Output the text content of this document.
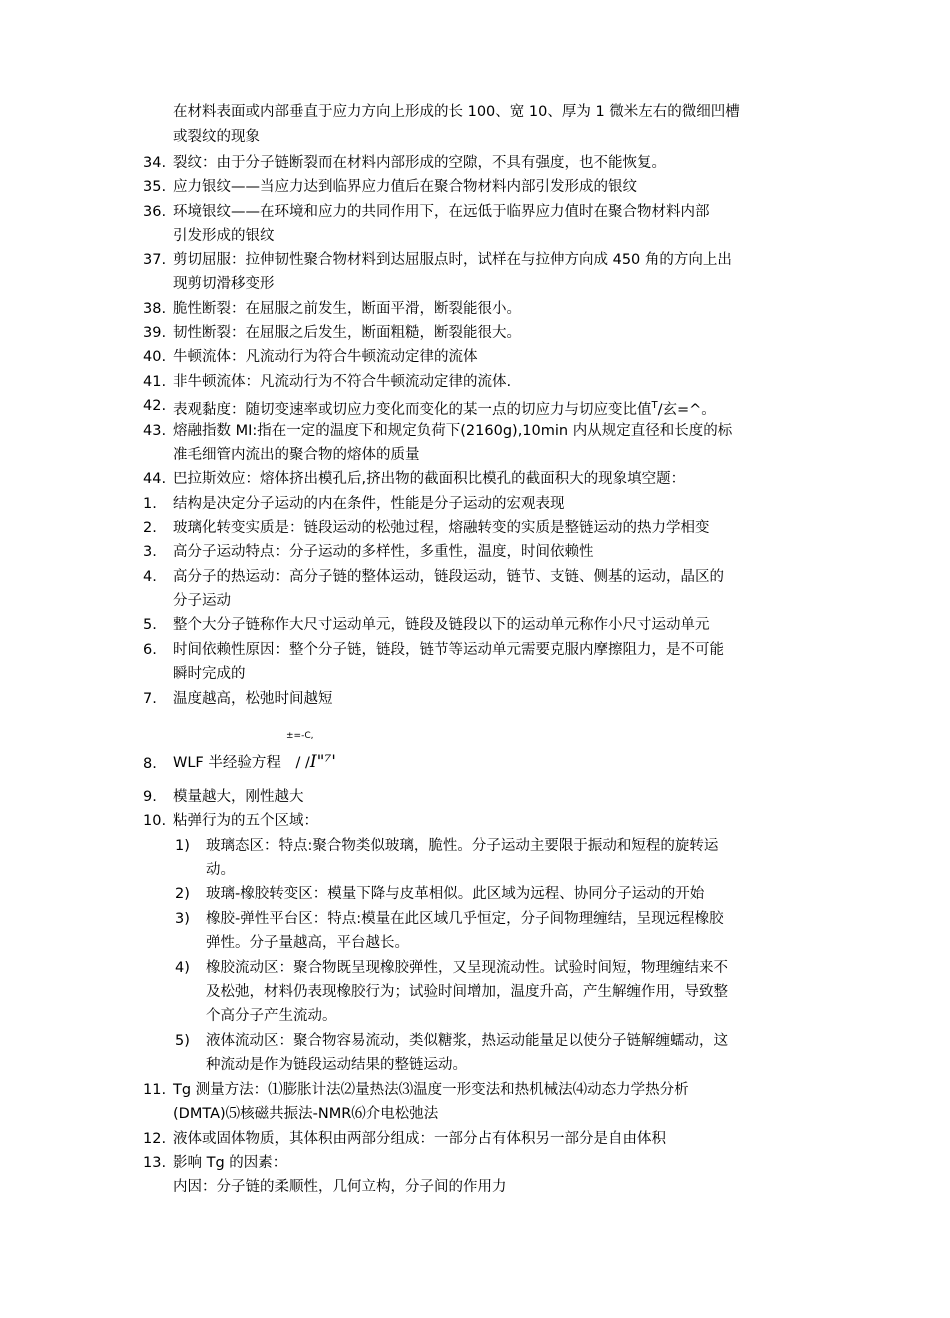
在材料表面或内部垂直于应力方向上形成的长 100、宽 10、厚为 1 微米左右的微细凹槽
或裂纹的现象
34. 裂纹：由于分子链断裂而在材料内部形成的空隙，不具有强度，也不能恢复。
35. 应力银纹——当应力达到临界应力值后在聚合物材料内部引发形成的银纹
36. 环境银纹——在环境和应力的共同作用下，在远低于临界应力值时在聚合物材料内部
引发形成的银纹
37. 剪切屈服：拉伸韧性聚合物材料到达屈服点时，试样在与拉伸方向成 450 角的方向上出
现剪切滑移变形
38. 脆性断裂：在屈服之前发生，断面平滑，断裂能很小。
39. 韧性断裂：在屈服之后发生，断面粗糙，断裂能很大。
40. 牛顿流体：凡流动行为符合牛顿流动定律的流体
41. 非牛顿流体：凡流动行为不符合牛顿流动定律的流体.
42. 表观黏度：随切变速率或切应力变化而变化的某一点的切应力与切应变比值$^T$/玄=^。
43. 熔融指数 MI:指在一定的温度下和规定负荷下(2160g),10min 内从规定直径和长度的标
准毛细管内流出的聚合物的熔体的质量
44. 巴拉斯效应：熔体挤出模孔后,挤出物的截面积比模孔的截面积大的现象填空题：
1. 结构是决定分子运动的内在条件，性能是分子运动的宏观表现
2. 玻璃化转变实质是：链段运动的松弛过程，熔融转变的实质是整链运动的热力学相变
3. 高分子运动特点：分子运动的多样性，多重性，温度，时间依赖性
4. 高分子的热运动：高分子链的整体运动，链段运动，链节、支链、侧基的运动，晶区的
分子运动
5. 整个大分子链称作大尺寸运动单元，链段及链段以下的运动单元称作小尺寸运动单元
6. 时间依赖性原因：整个分子链，链段，链节等运动单元需要克服内摩擦阻力，是不可能
瞬时完成的
7. 温度越高，松弛时间越短
±=-C,
8. WLF 半经验方程 / /I"⁷'
9. 模量越大，刚性越大
10. 粘弹行为的五个区域：
1) 玻璃态区：特点:聚合物类似玻璃，脆性。分子运动主要限于振动和短程的旋转运
动。
2) 玻璃-橡胶转变区：模量下降与皮革相似。此区域为远程、协同分子运动的开始
3) 橡胶-弹性平台区：特点:模量在此区域几乎恒定，分子间物理缠结，呈现远程橡胶
弹性。分子量越高，平台越长。
4) 橡胶流动区：聚合物既呈现橡胶弹性，又呈现流动性。试验时间短，物理缠结来不
及松弛，材料仍表现橡胶行为；试验时间增加，温度升高，产生解缠作用，导致整
个高分子产生流动。
5) 液体流动区：聚合物容易流动，类似糖浆，热运动能量足以使分子链解缠蠕动，这
种流动是作为链段运动结果的整链运动。
11. Tg 测量方法：⑴膨胀计法⑵量热法⑶温度一形变法和热机械法⑷动态力学热分析
(DMTA)⑸核磁共振法-NMR⑹介电松弛法
12. 液体或固体物质，其体积由两部分组成：一部分占有体积另一部分是自由体积
13. 影响 Tg 的因素：
内因：分子链的柔顺性，几何立构，分子间的作用力
